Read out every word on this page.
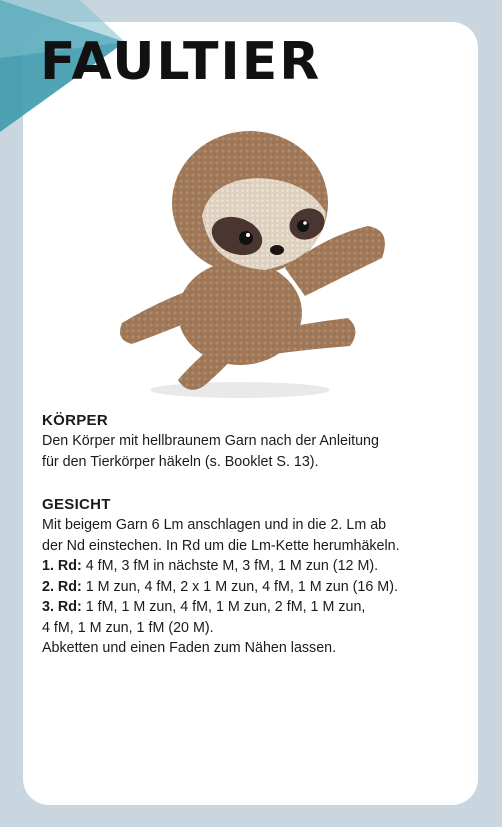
FAULTIER

KÖRPER

Den Körper mit hellbraunem Garn nach der Anleitung
für den Tierkörper häkeln (s. Booklet S. 13).

GESICHT

Mit beigem Garn 6 Lm anschlagen und in die 2. Lm ab
der Nd einstechen. In Rd um die Lm-Kette herumhäkeln.
1. Rd: 4 fM, 3 fM in nächste M, 3 fM, 1 M zun (12 M).
2. Rd: 1 M zun, 4 fM, 2 x 1 M zun, 4 fM, 1 M zun (16 M).
3. Rd: 1 fM, 1 M zun, 4 fM, 1 M zun, 2 fM, 1 M zun,
4 fM, 1 M zun, 1 fM (20 M).
Abketten und einen Faden zum Nähen lassen.
